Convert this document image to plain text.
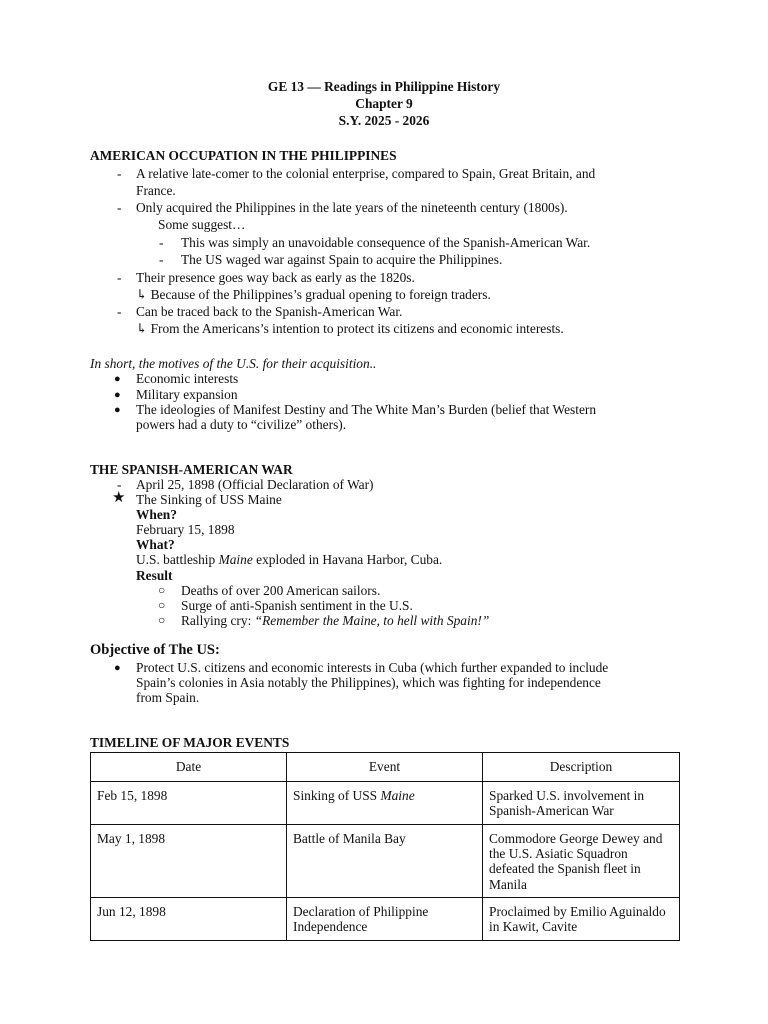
GE 13 — Readings in Philippine History
Chapter 9
S.Y. 2025 - 2026
AMERICAN OCCUPATION IN THE PHILIPPINES
- A relative late-comer to the colonial enterprise, compared to Spain, Great Britain, and
France.
- Only acquired the Philippines in the late years of the nineteenth century (1800s).
Some suggest…
- This was simply an unavoidable consequence of the Spanish-American War.
- The US waged war against Spain to acquire the Philippines.
- Their presence goes way back as early as the 1820s.
↳ Because of the Philippines’s gradual opening to foreign traders.
- Can be traced back to the Spanish-American War.
↳ From the Americans’s intention to protect its citizens and economic interests.
In short, the motives of the U.S. for their acquisition..
● Economic interests
● Military expansion
● The ideologies of Manifest Destiny and The White Man’s Burden (belief that Western
powers had a duty to “civilize” others).
THE SPANISH-AMERICAN WAR
- April 25, 1898 (Official Declaration of War)
★ The Sinking of USS Maine
When?
February 15, 1898
What?
U.S. battleship Maine exploded in Havana Harbor, Cuba.
Result
○ Deaths of over 200 American sailors.
○ Surge of anti-Spanish sentiment in the U.S.
○ Rallying cry: “Remember the Maine, to hell with Spain!”
Objective of The US:
● Protect U.S. citizens and economic interests in Cuba (which further expanded to include
Spain’s colonies in Asia notably the Philippines), which was fighting for independence
from Spain.
TIMELINE OF MAJOR EVENTS
Date	Event	Description
Feb 15, 1898	Sinking of USS Maine	Sparked U.S. involvement in Spanish-American War
May 1, 1898	Battle of Manila Bay	Commodore George Dewey and the U.S. Asiatic Squadron defeated the Spanish fleet in Manila
Jun 12, 1898	Declaration of Philippine Independence	Proclaimed by Emilio Aguinaldo in Kawit, Cavite
